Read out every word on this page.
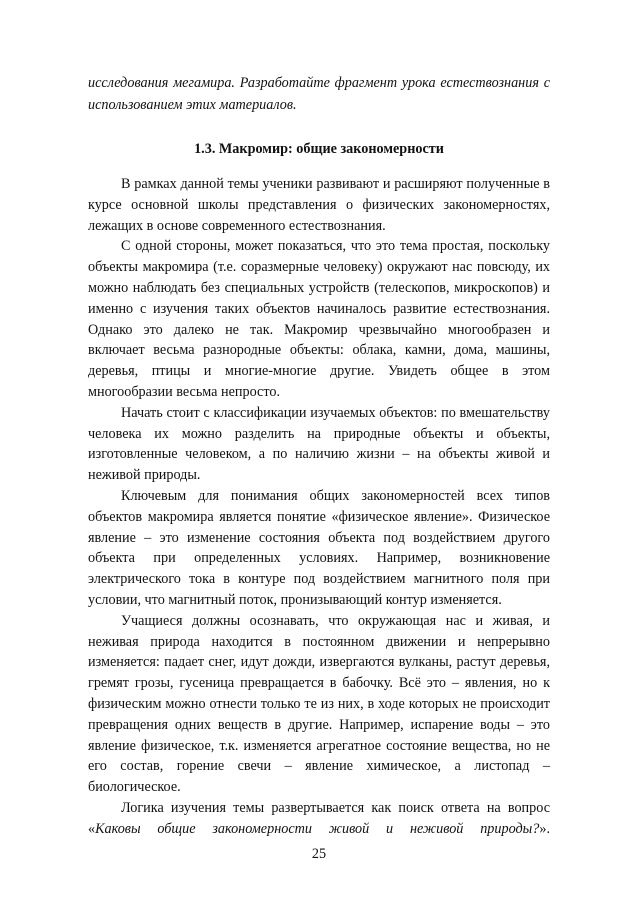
исследования мегамира. Разработайте фрагмент урока естествознания с использованием этих материалов.

1.3. Макромир: общие закономерности

В рамках данной темы ученики развивают и расширяют полученные в курсе основной школы представления о физических закономерностях, лежащих в основе современного естествознания.

С одной стороны, может показаться, что это тема простая, поскольку объекты макромира (т.е. соразмерные человеку) окружают нас повсюду, их можно наблюдать без специальных устройств (телескопов, микроскопов) и именно с изучения таких объектов начиналось развитие естествознания. Однако это далеко не так. Макромир чрезвычайно многообразен и включает весьма разнородные объекты: облака, камни, дома, машины, деревья, птицы и многие-многие другие. Увидеть общее в этом многообразии весьма непросто.

Начать стоит с классификации изучаемых объектов: по вмешательству человека их можно разделить на природные объекты и объекты, изготовленные человеком, а по наличию жизни – на объекты живой и неживой природы.

Ключевым для понимания общих закономерностей всех типов объектов макромира является понятие «физическое явление». Физическое явление – это изменение состояния объекта под воздействием другого объекта при определенных условиях. Например, возникновение электрического тока в контуре под воздействием магнитного поля при условии, что магнитный поток, пронизывающий контур изменяется.

Учащиеся должны осознавать, что окружающая нас и живая, и неживая природа находится в постоянном движении и непрерывно изменяется: падает снег, идут дожди, извергаются вулканы, растут деревья, гремят грозы, гусеница превращается в бабочку. Всё это – явления, но к физическим можно отнести только те из них, в ходе которых не происходит превращения одних веществ в другие. Например, испарение воды – это явление физическое, т.к. изменяется агрегатное состояние вещества, но не его состав, горение свечи – явление химическое, а листопад – биологическое.

Логика изучения темы развертывается как поиск ответа на вопрос «Каковы общие закономерности живой и неживой природы?».

25
